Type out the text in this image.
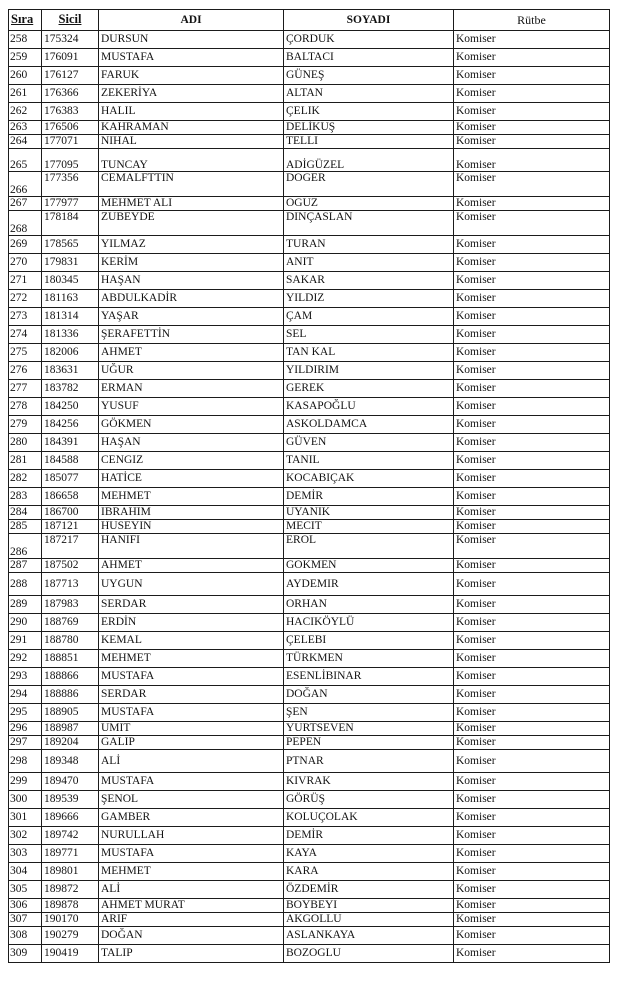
Sıra	Sicil	ADI	SOYADI	Rütbe
258	175324	DURSUN	ÇORDUK	Komiser
259	176091	MUSTAFA	BALTACI	Komiser
260	176127	FARUK	GÜNEŞ	Komiser
261	176366	ZEKERİYA	ALTAN	Komiser
262	176383	HALIL	ÇELIK	Komiser
263	176506	KAHRAMAN	DELİKUŞ	Komiser
264	177071	NIHAL	TELLI	Komiser
265	177095	TUNCAY	ADİGÜZEL	Komiser
266	177356	CEMALFTTIN	DOGER	Komiser
267	177977	MEHMET ALI	OGUZ	Komiser
268	178184	ZUBEYDE	DINÇASLAN	Komiser
269	178565	YILMAZ	TURAN	Komiser
270	179831	KERİM	ANIT	Komiser
271	180345	HAŞAN	SAKAR	Komiser
272	181163	ABDULKADİR	YILDIZ	Komiser
273	181314	YAŞAR	ÇAM	Komiser
274	181336	ŞERAFETTİN	SEL	Komiser
275	182006	AHMET	TAN KAL	Komiser
276	183631	UĞUR	YILDIRIM	Komiser
277	183782	ERMAN	GEREK	Komiser
278	184250	YUSUF	KASAPOĞLU	Komiser
279	184256	GÖKMEN	ASKOLDAMCA	Komiser
280	184391	HAŞAN	GÜVEN	Komiser
281	184588	CENGIZ	TANIL	Komiser
282	185077	HATİCE	KOCABIÇAK	Komiser
283	186658	MEHMET	DEMİR	Komiser
284	186700	IBRAHIM	UYANIK	Komiser
285	187121	HUSEYIN	MECIT	Komiser
286	187217	HANIFI	EROL	Komiser
287	187502	AHMET	GOKMEN	Komiser
288	187713	UYGUN	AYDEMIR	Komiser
289	187983	SERDAR	ORHAN	Komiser
290	188769	ERDİN	HACIKÖYLÜ	Komiser
291	188780	KEMAL	ÇELEBI	Komiser
292	188851	MEHMET	TÜRKMEN	Komiser
293	188866	MUSTAFA	ESENLİBINAR	Komiser
294	188886	SERDAR	DOĞAN	Komiser
295	188905	MUSTAFA	ŞEN	Komiser
296	188987	UMIT	YURTSEVEN	Komiser
297	189204	GALIP	PEPEN	Komiser
298	189348	ALİ	PTNAR	Komiser
299	189470	MUSTAFA	KIVRAK	Komiser
300	189539	ŞENOL	GÖRÜŞ	Komiser
301	189666	GAMBER	KOLUÇOLAK	Komiser
302	189742	NURULLAH	DEMİR	Komiser
303	189771	MUSTAFA	KAYA	Komiser
304	189801	MEHMET	KARA	Komiser
305	189872	ALİ	ÖZDEMİR	Komiser
306	189878	AHMET MURAT	BOYBEYI	Komiser
307	190170	ARIF	AKGOLLU	Komiser
308	190279	DOĞAN	ASLANKAYA	Komiser
309	190419	TALIP	BOZOGLU	Komiser
